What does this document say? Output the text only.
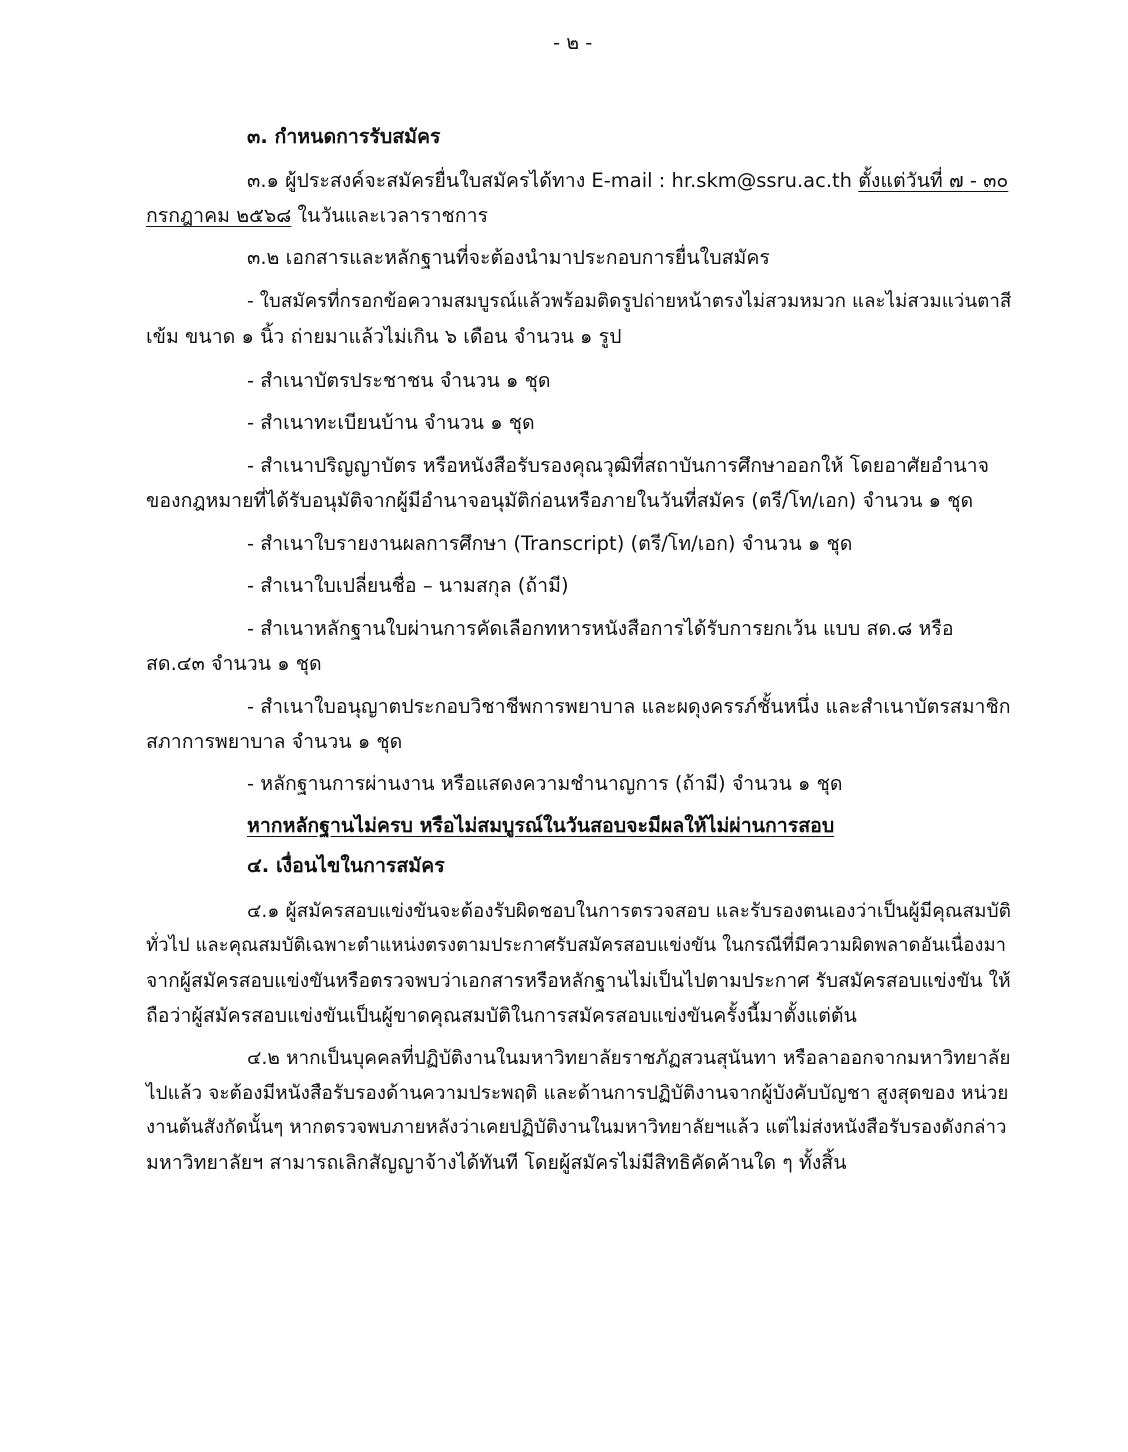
- ๒ -
๓. กำหนดการรับสมัคร
๓.๑ ผู้ประสงค์จะสมัครยื่นใบสมัครได้ทาง E-mail : hr.skm@ssru.ac.th ตั้งแต่วันที่ ๗ - ๓๐
กรกฎาคม ๒๕๖๘ ในวันและเวลาราชการ
๓.๒ เอกสารและหลักฐานที่จะต้องนำมาประกอบการยื่นใบสมัคร
- ใบสมัครที่กรอกข้อความสมบูรณ์แล้วพร้อมติดรูปถ่ายหน้าตรงไม่สวมหมวก และไม่สวมแว่นตาสี
เข้ม ขนาด ๑ นิ้ว ถ่ายมาแล้วไม่เกิน ๖ เดือน จำนวน ๑ รูป
- สำเนาบัตรประชาชน จำนวน ๑ ชุด
- สำเนาทะเบียนบ้าน จำนวน ๑ ชุด
- สำเนาปริญญาบัตร หรือหนังสือรับรองคุณวุฒิที่สถาบันการศึกษาออกให้ โดยอาศัยอำนาจ
ของกฎหมายที่ได้รับอนุมัติจากผู้มีอำนาจอนุมัติก่อนหรือภายในวันที่สมัคร (ตรี/โท/เอก) จำนวน ๑ ชุด
- สำเนาใบรายงานผลการศึกษา (Transcript) (ตรี/โท/เอก) จำนวน ๑ ชุด
- สำเนาใบเปลี่ยนชื่อ – นามสกุล (ถ้ามี)
- สำเนาหลักฐานใบผ่านการคัดเลือกทหารหนังสือการได้รับการยกเว้น แบบ สด.๘ หรือ
สด.๔๓ จำนวน ๑ ชุด
- สำเนาใบอนุญาตประกอบวิชาชีพการพยาบาล และผดุงครรภ์ชั้นหนึ่ง และสำเนาบัตรสมาชิก
สภาการพยาบาล จำนวน ๑ ชุด
- หลักฐานการผ่านงาน หรือแสดงความชำนาญการ (ถ้ามี) จำนวน ๑ ชุด
หากหลักฐานไม่ครบ หรือไม่สมบูรณ์ในวันสอบจะมีผลให้ไม่ผ่านการสอบ
๔. เงื่อนไขในการสมัคร
๔.๑ ผู้สมัครสอบแข่งขันจะต้องรับผิดชอบในการตรวจสอบ และรับรองตนเองว่าเป็นผู้มีคุณสมบัติ
ทั่วไป และคุณสมบัติเฉพาะตำแหน่งตรงตามประกาศรับสมัครสอบแข่งขัน ในกรณีที่มีความผิดพลาดอันเนื่องมา
จากผู้สมัครสอบแข่งขันหรือตรวจพบว่าเอกสารหรือหลักฐานไม่เป็นไปตามประกาศ รับสมัครสอบแข่งขัน ให้
ถือว่าผู้สมัครสอบแข่งขันเป็นผู้ขาดคุณสมบัติในการสมัครสอบแข่งขันครั้งนี้มาตั้งแต่ต้น
๔.๒ หากเป็นบุคคลที่ปฏิบัติงานในมหาวิทยาลัยราชภัฏสวนสุนันทา หรือลาออกจากมหาวิทยาลัย
ไปแล้ว จะต้องมีหนังสือรับรองด้านความประพฤติ และด้านการปฏิบัติงานจากผู้บังคับบัญชา สูงสุดของ หน่วย
งานต้นสังกัดนั้นๆ หากตรวจพบภายหลังว่าเคยปฏิบัติงานในมหาวิทยาลัยฯแล้ว แต่ไม่ส่งหนังสือรับรองดังกล่าว
มหาวิทยาลัยฯ สามารถเลิกสัญญาจ้างได้ทันที โดยผู้สมัครไม่มีสิทธิคัดค้านใด ๆ ทั้งสิ้น
